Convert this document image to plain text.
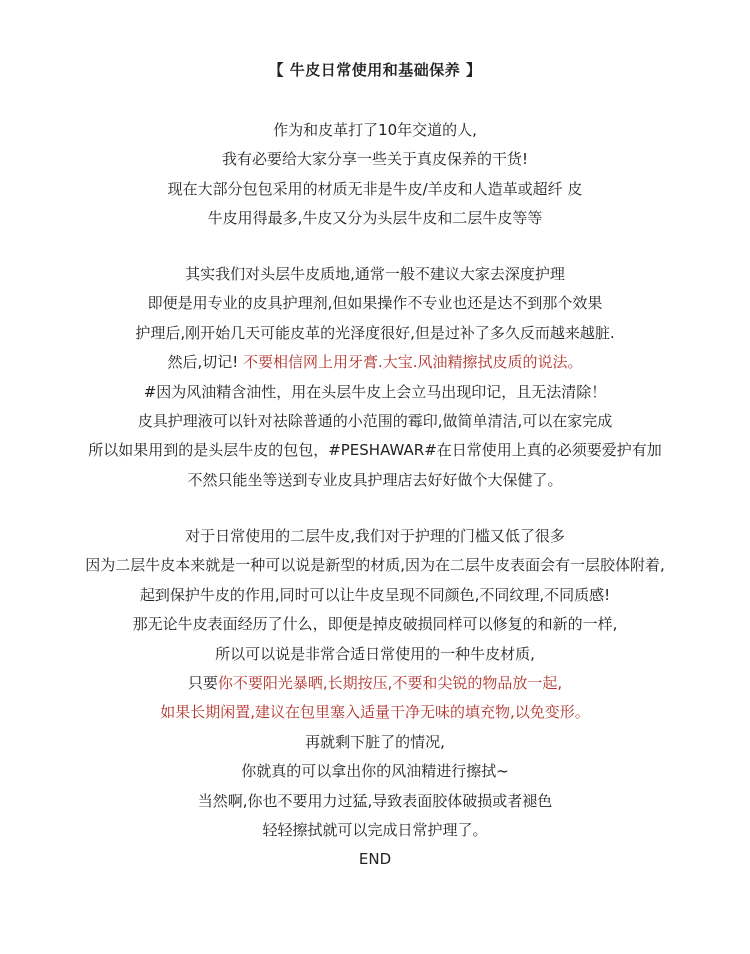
【 牛皮日常使用和基础保养 】
作为和皮革打了10年交道的人,
我有必要给大家分享一些关于真皮保养的干货!
现在大部分包包采用的材质无非是牛皮/羊皮和人造革或超纤 皮
牛皮用得最多,牛皮又分为头层牛皮和二层牛皮等等
其实我们对头层牛皮质地,通常一般不建议大家去深度护理
即便是用专业的皮具护理剂,但如果操作不专业也还是达不到那个效果
护理后,刚开始几天可能皮革的光泽度很好,但是过补了多久反而越来越脏.
然后,切记! 不要相信网上用牙膏.大宝.风油精擦拭皮质的说法。
#因为风油精含油性，用在头层牛皮上会立马出现印记，且无法清除！
皮具护理液可以针对祛除普通的小范围的霉印,做简单清洁,可以在家完成
所以如果用到的是头层牛皮的包包，#PESHAWAR#在日常使用上真的必须要爱护有加
不然只能坐等送到专业皮具护理店去好好做个大保健了。
对于日常使用的二层牛皮,我们对于护理的门槛又低了很多
因为二层牛皮本来就是一种可以说是新型的材质,因为在二层牛皮表面会有一层胶体附着,
起到保护牛皮的作用,同时可以让牛皮呈现不同颜色,不同纹理,不同质感!
那无论牛皮表面经历了什么，即便是掉皮破损同样可以修复的和新的一样,
所以可以说是非常合适日常使用的一种牛皮材质,
只要你不要阳光暴晒,长期按压,不要和尖锐的物品放一起,
如果长期闲置,建议在包里塞入适量干净无味的填充物,以免变形。
再就剩下脏了的情况,
你就真的可以拿出你的风油精进行擦拭~
当然啊,你也不要用力过猛,导致表面胶体破损或者褪色
轻轻擦拭就可以完成日常护理了。
END
